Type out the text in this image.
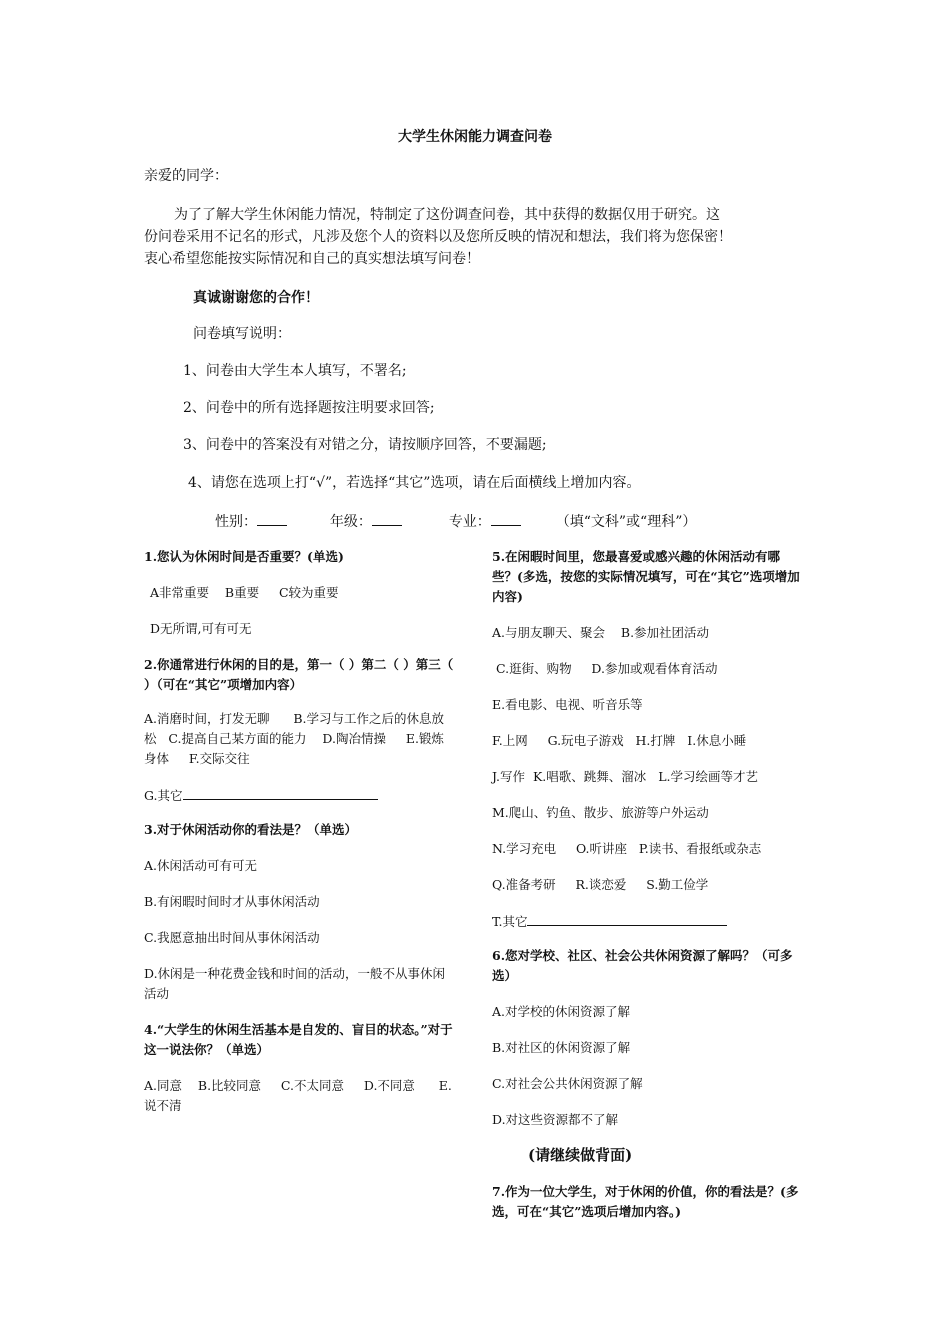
大学生休闲能力调查问卷
亲爱的同学：
为了了解大学生休闲能力情况，特制定了这份调查问卷，其中获得的数据仅用于研究。这
份问卷采用不记名的形式，凡涉及您个人的资料以及您所反映的情况和想法，我们将为您保密！
衷心希望您能按实际情况和自己的真实想法填写问卷！
真诚谢谢您的合作！
问卷填写说明：
1、问卷由大学生本人填写，不署名;
2、问卷中的所有选择题按注明要求回答;
3、问卷中的答案没有对错之分，请按顺序回答，不要漏题;
4、请您在选项上打“√”，若选择“其它”选项，请在后面横线上增加内容。
性别：	年级：	专业：	（填“文科”或“理科”）

1.您认为休闲时间是否重要？(单选)

A非常重要    B重要     C较为重要

D无所谓,可有可无

2.你通常进行休闲的目的是，第一（ ）第二（ ）第三（ ）（可在“其它”项增加内容）

A.消磨时间，打发无聊      B.学习与工作之后的休息放松   C.提高自己某方面的能力    D.陶冶情操     E.锻炼身体     F.交际交往

G.其它

3.对于休闲活动你的看法是？（单选）

A.休闲活动可有可无

B.有闲暇时间时才从事休闲活动

C.我愿意抽出时间从事休闲活动

D.休闲是一种花费金钱和时间的活动，一般不从事休闲活动

4.“大学生的休闲生活基本是自发的、盲目的状态。”对于这一说法你？（单选）

A.同意    B.比较同意     C.不太同意     D.不同意      E.说不清

5.在闲暇时间里，您最喜爱或感兴趣的休闲活动有哪些？(多选，按您的实际情况填写，可在“其它”选项增加内容)

A.与朋友聊天、聚会    B.参加社团活动

C.逛街、购物     D.参加或观看体育活动

E.看电影、电视、听音乐等

F.上网     G.玩电子游戏   H.打牌   I.休息小睡

J.写作  K.唱歌、跳舞、溜冰   L.学习绘画等才艺

M.爬山、钓鱼、散步、旅游等户外运动

N.学习充电     O.听讲座   P.读书、看报纸或杂志

Q.准备考研     R.谈恋爱     S.勤工俭学

T.其它

6.您对学校、社区、社会公共休闲资源了解吗？（可多选）

A.对学校的休闲资源了解

B.对社区的休闲资源了解

C.对社会公共休闲资源了解

D.对这些资源都不了解

(请继续做背面)

7.作为一位大学生，对于休闲的价值，你的看法是？(多选，可在“其它”选项后增加内容。)
